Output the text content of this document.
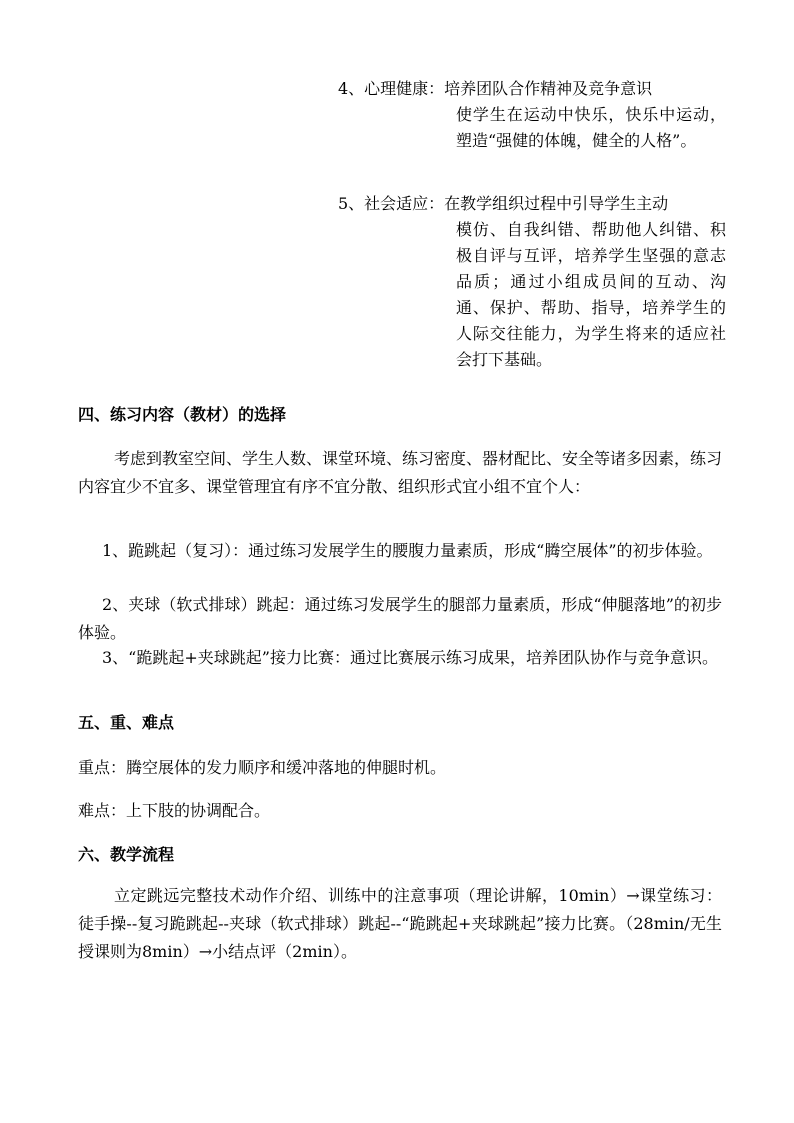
4、心理健康：培养团队合作精神及竞争意识
使学生在运动中快乐，快乐中运动，塑造“强健的体魄，健全的人格”。
5、社会适应：在教学组织过程中引导学生主动
模仿、自我纠错、帮助他人纠错、积极自评与互评，培养学生坚强的意志品质；通过小组成员间的互动、沟通、保护、帮助、指导，培养学生的人际交往能力，为学生将来的适应社会打下基础。
四、练习内容（教材）的选择
考虑到教室空间、学生人数、课堂环境、练习密度、器材配比、安全等诸多因素，练习内容宜少不宜多、课堂管理宜有序不宜分散、组织形式宜小组不宜个人：
1、跪跳起（复习）：通过练习发展学生的腰腹力量素质，形成“腾空展体”的初步体验。
2、夹球（软式排球）跳起：通过练习发展学生的腿部力量素质，形成“伸腿落地”的初步体验。
3、“跪跳起+夹球跳起”接力比赛：通过比赛展示练习成果，培养团队协作与竞争意识。
五、重、难点
重点：腾空展体的发力顺序和缓冲落地的伸腿时机。
难点：上下肢的协调配合。
六、教学流程
立定跳远完整技术动作介绍、训练中的注意事项（理论讲解，10min）→课堂练习：徒手操--复习跪跳起--夹球（软式排球）跳起--“跪跳起+夹球跳起”接力比赛。（28min/无生授课则为8min）→小结点评（2min）。
